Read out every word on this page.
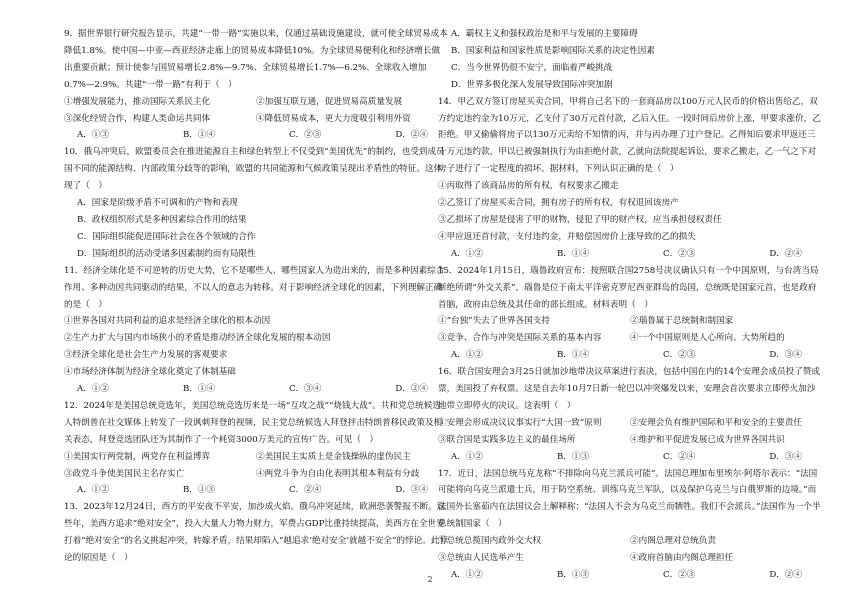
9．据世界银行研究报告显示，共建“一带一路”实施以来，仅通过基础设施建设，就可使全球贸易成本降低1.8%。使中国—中亚—西亚经济走廊上的贸易成本降低10%。为全球贸易便利化和经济增长做出重要贡献；预计使参与国贸易增长2.8%—9.7%、全球贸易增长1.7%—6.2%、全球收入增加0.7%—2.9%。共建“一带一路”有利于（　）
①增强发展能力，推动国际关系民主化	②加强互联互通，促进贸易高质量发展
③深化经贸合作，构建人类命运共同体	④降低贸易成本，更大力度吸引利用外资
A．①③	B．①④	C．②③	D．②④
10．俄乌冲突后，欧盟委员会在推进能源自主和绿色转型上不仅受到“美国优先”的制约，也受到成员国不同的能源结构、内部政策分歧等的影响，欧盟的共同能源和气候政策呈现出矛盾性的特征。这体现了（　）
A．国家是阶级矛盾不可调和的产物和表现
B．政权组织形式是多种因素综合作用的结果
C．国际组织能促进国际社会在各个领域的合作
D．国际组织的活动受诸多因素制约而有局限性
11．经济全球化是不可逆转的历史大势，它不是哪些人、哪些国家人为造出来的，而是多种因素综合作用、多种动因共同驱动的结果，不以人的意志为转移。对于影响经济全球化的因素，下列理解正确的是（　）
①世界各国对共同利益的追求是经济全球化的根本动因
②生产力扩大与国内市场狭小的矛盾是推动经济全球化发展的根本动因
③经济全球化是社会生产力发展的客观要求
④市场经济体制为经济全球化奠定了体制基础
A．①②	B．①④	C．③④	D．②④
12．2024年是美国总统竞选年，美国总统竞选历来是一场“互攻之战”“烧钱大战”。共和党总统候选人特朗普在社交媒体上转发了一段讽刺拜登的视频，民主党总统候选人拜登抨击特朗普移民政策及相关表态，拜登竞选团队还为其制作了一个耗资3000万美元的宣传广告。可见（　）
①美国实行两党制，两党存在利益博弈	②美国民主实质上是金钱操纵的虚伪民主
③政党斗争使美国民主名存实亡	④两党斗争为自由化表明其根本利益有分歧
A．①②	B．①③	C．②④	D．③④
13．2023年12月24日，西方的平安夜不平安，加沙成火焰。俄乌冲突延续，欧洲恐袭警报不断。这些年，美西方追求“绝对安全”，投入大量人力物力财力，军费占GDP比重持续提高，美西方在全世界打着“绝对安全”的名义挑起冲突，转嫁矛盾，结果却陷入“越追求‘绝对安全’就越不安全”的悖论。此悖论的原因是（　）
A．霸权主义和强权政治是和平与发展的主要障碍
B．国家利益和国家性质是影响国际关系的决定性因素
C．当今世界仍很不安宁，面临着严峻挑战
D．世界多极化深入发展导致国际冲突加剧
14．甲乙双方签订房屋买卖合同，甲将自己名下的一套商品房以100万元人民币的价格出售给乙，双方约定违约金为10万元，乙支付了30万元首付款，乙后入住。一段时间后房价上涨，甲要求涨价，乙拒绝。甲又偷偷将房子以130万元卖给不知情的丙，并与丙办理了过户登记。乙得知后要求甲返还三十万元违约款，甲以已被强制执行为由拒绝付款，乙就向法院提起诉讼，要求乙搬走，乙一气之下对房子进行了一定程度的损坏。据材料，下列认识正确的是（　）
①丙取得了该商品房的所有权，有权要求乙搬走
②乙签订了房屋买卖合同，拥有房子的所有权，有权退回该房产
③乙损坏了房屋是侵害了甲的财物，侵犯了甲的财产权，应当承担侵权责任
④甲应返还首付款，支付违约金，并赔偿因房价上涨导致的乙的损失
A．①②	B．①④	C．②③	D．②④
15．2024年1月15日，瑙鲁政府宣布：按照联合国2758号决议确认只有一个中国原则，与台湾当局断绝所谓“外交关系”，瑙鲁是位于南太平洋密克罗尼西亚群岛的岛国，总统既是国家元首，也是政府首脑，政府由总统及其任命的部长组成。材料表明（　）
①“台独”失去了世界各国支持	②瑙鲁属于总统制和制国家
③竞争、合作与冲突是国际关系的基本内容	④一个中国原则是人心所向、大势所趋的
A．①②	B．①④	C．②③	D．③④
16．联合国安理会3月25日就加沙地带决议草案进行表决，包括中国在内的14个安理会成员投了赞成票，美国投了弃权票。这是自去年10月7日新一轮巴以冲突爆发以来，安理会首次要求立即停火加沙地带立即停火的决议。这表明（　）
①安理会形成决议议事实行“大国一致”原则	②安理会负有维护国际和平和安全的主要责任
③联合国是实践多边主义的最佳场所	④维护和平促进发展已成为世界各国共识
A．①②	B．①③	C．②④	D．③④
17．近日，法国总统马克龙称“不排除向乌克兰派兵可能”。法国总理加布里埃尔·阿塔尔表示：“法国可能将向乌克兰派遣士兵，用于防空系统、训练乌克兰军队，以及保护乌克兰与白俄罗斯的边境。”而法国外长塞茹内在法国议会上解释称：“法国人不会为乌克兰而牺牲。我们不会派兵。”法国作为一个半总统制国家（　）
①总统总揽国内政外交大权	②内阁总理对总统负责
③总统由人民选举产生	④政府首脑由内阁总理担任
A．①②	B．①③	C．②③	D．②④
2
